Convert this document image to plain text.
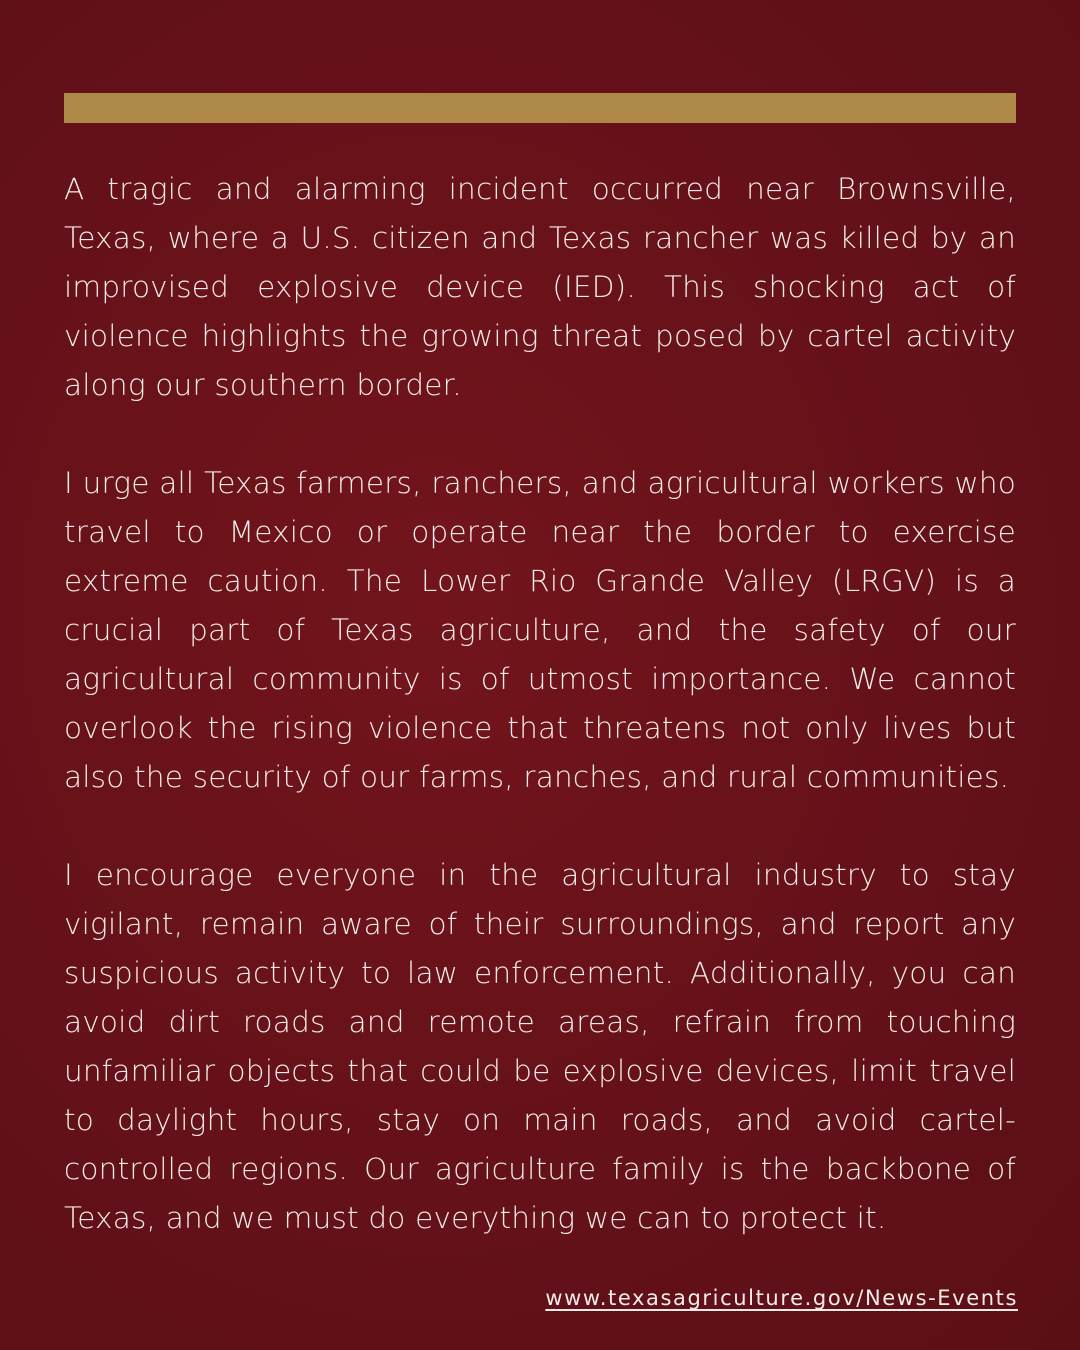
A tragic and alarming incident occurred near Brownsville, Texas, where a U.S. citizen and Texas rancher was killed by an improvised explosive device (IED). This shocking act of violence highlights the growing threat posed by cartel activity along our southern border.

I urge all Texas farmers, ranchers, and agricultural workers who travel to Mexico or operate near the border to exercise extreme caution. The Lower Rio Grande Valley (LRGV) is a crucial part of Texas agriculture, and the safety of our agricultural community is of utmost importance. We cannot overlook the rising violence that threatens not only lives but also the security of our farms, ranches, and rural communities.

I encourage everyone in the agricultural industry to stay vigilant, remain aware of their surroundings, and report any suspicious activity to law enforcement. Additionally, you can avoid dirt roads and remote areas, refrain from touching unfamiliar objects that could be explosive devices, limit travel to daylight hours, stay on main roads, and avoid cartel-controlled regions. Our agriculture family is the backbone of Texas, and we must do everything we can to protect it.

www.texasagriculture.gov/News-Events
